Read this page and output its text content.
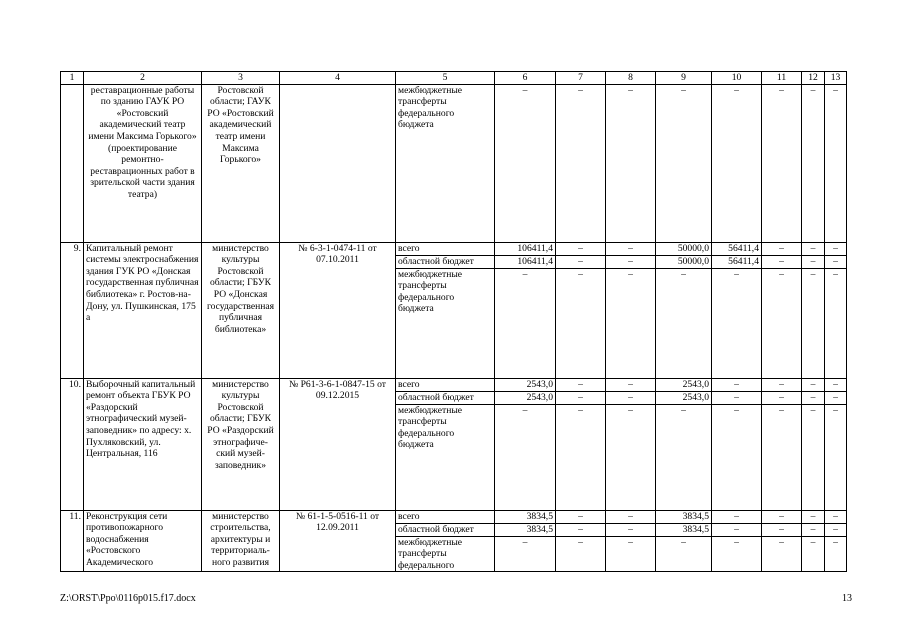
1	2	3	4	5	6	7	8	9	10	11	12	13
	реставрационные работы по зданию ГАУК РО «Ростовский академический театр имени Максима Горького» (проектирование ремонтно-реставрационных работ в зрительской части здания театра)	Ростовской области; ГАУК РО «Ростовский академический театр имени Максима Горького»		межбюджетные трансферты федерального бюджета	–	–	–	–	–	–	–	–
9.	Капитальный ремонт системы электроснабжения здания ГУК РО «Донская государственная публичная библиотека» г. Ростов-на-Дону, ул. Пушкинская, 175 а	министерство культуры Ростовской области; ГБУК РО «Донская государственная публичная библиотека»	№ 6-3-1-0474-11 от 07.10.2011	всего	106411,4	–	–	50000,0	56411,4	–	–	–
				областной бюджет	106411,4	–	–	50000,0	56411,4	–	–	–
				межбюджетные трансферты федерального бюджета	–	–	–	–	–	–	–	–
10.	Выборочный капитальный ремонт объекта ГБУК РО «Раздорский этнографический музей-заповедник» по адресу: х. Пухляковский, ул. Центральная, 116	министерство культуры Ростовской области; ГБУК РО «Раздорский этнографиче-ский музей-заповедник»	№ Р61-3-6-1-0847-15 от 09.12.2015	всего	2543,0	–	–	2543,0	–	–	–	–
				областной бюджет	2543,0	–	–	2543,0	–	–	–	–
				межбюджетные трансферты федерального бюджета	–	–	–	–	–	–	–	–
11.	Реконструкция сети противопожарного водоснабжения «Ростовского Академического	министерство строительства, архитектуры и территориаль-ного развития	№ 61-1-5-0516-11 от 12.09.2011	всего	3834,5	–	–	3834,5	–	–	–	–
				областной бюджет	3834,5	–	–	3834,5	–	–	–	–
				межбюджетные трансферты федерального	–	–	–	–	–	–	–	–
Z:\ORST\Ppo\0116p015.f17.docx	13
